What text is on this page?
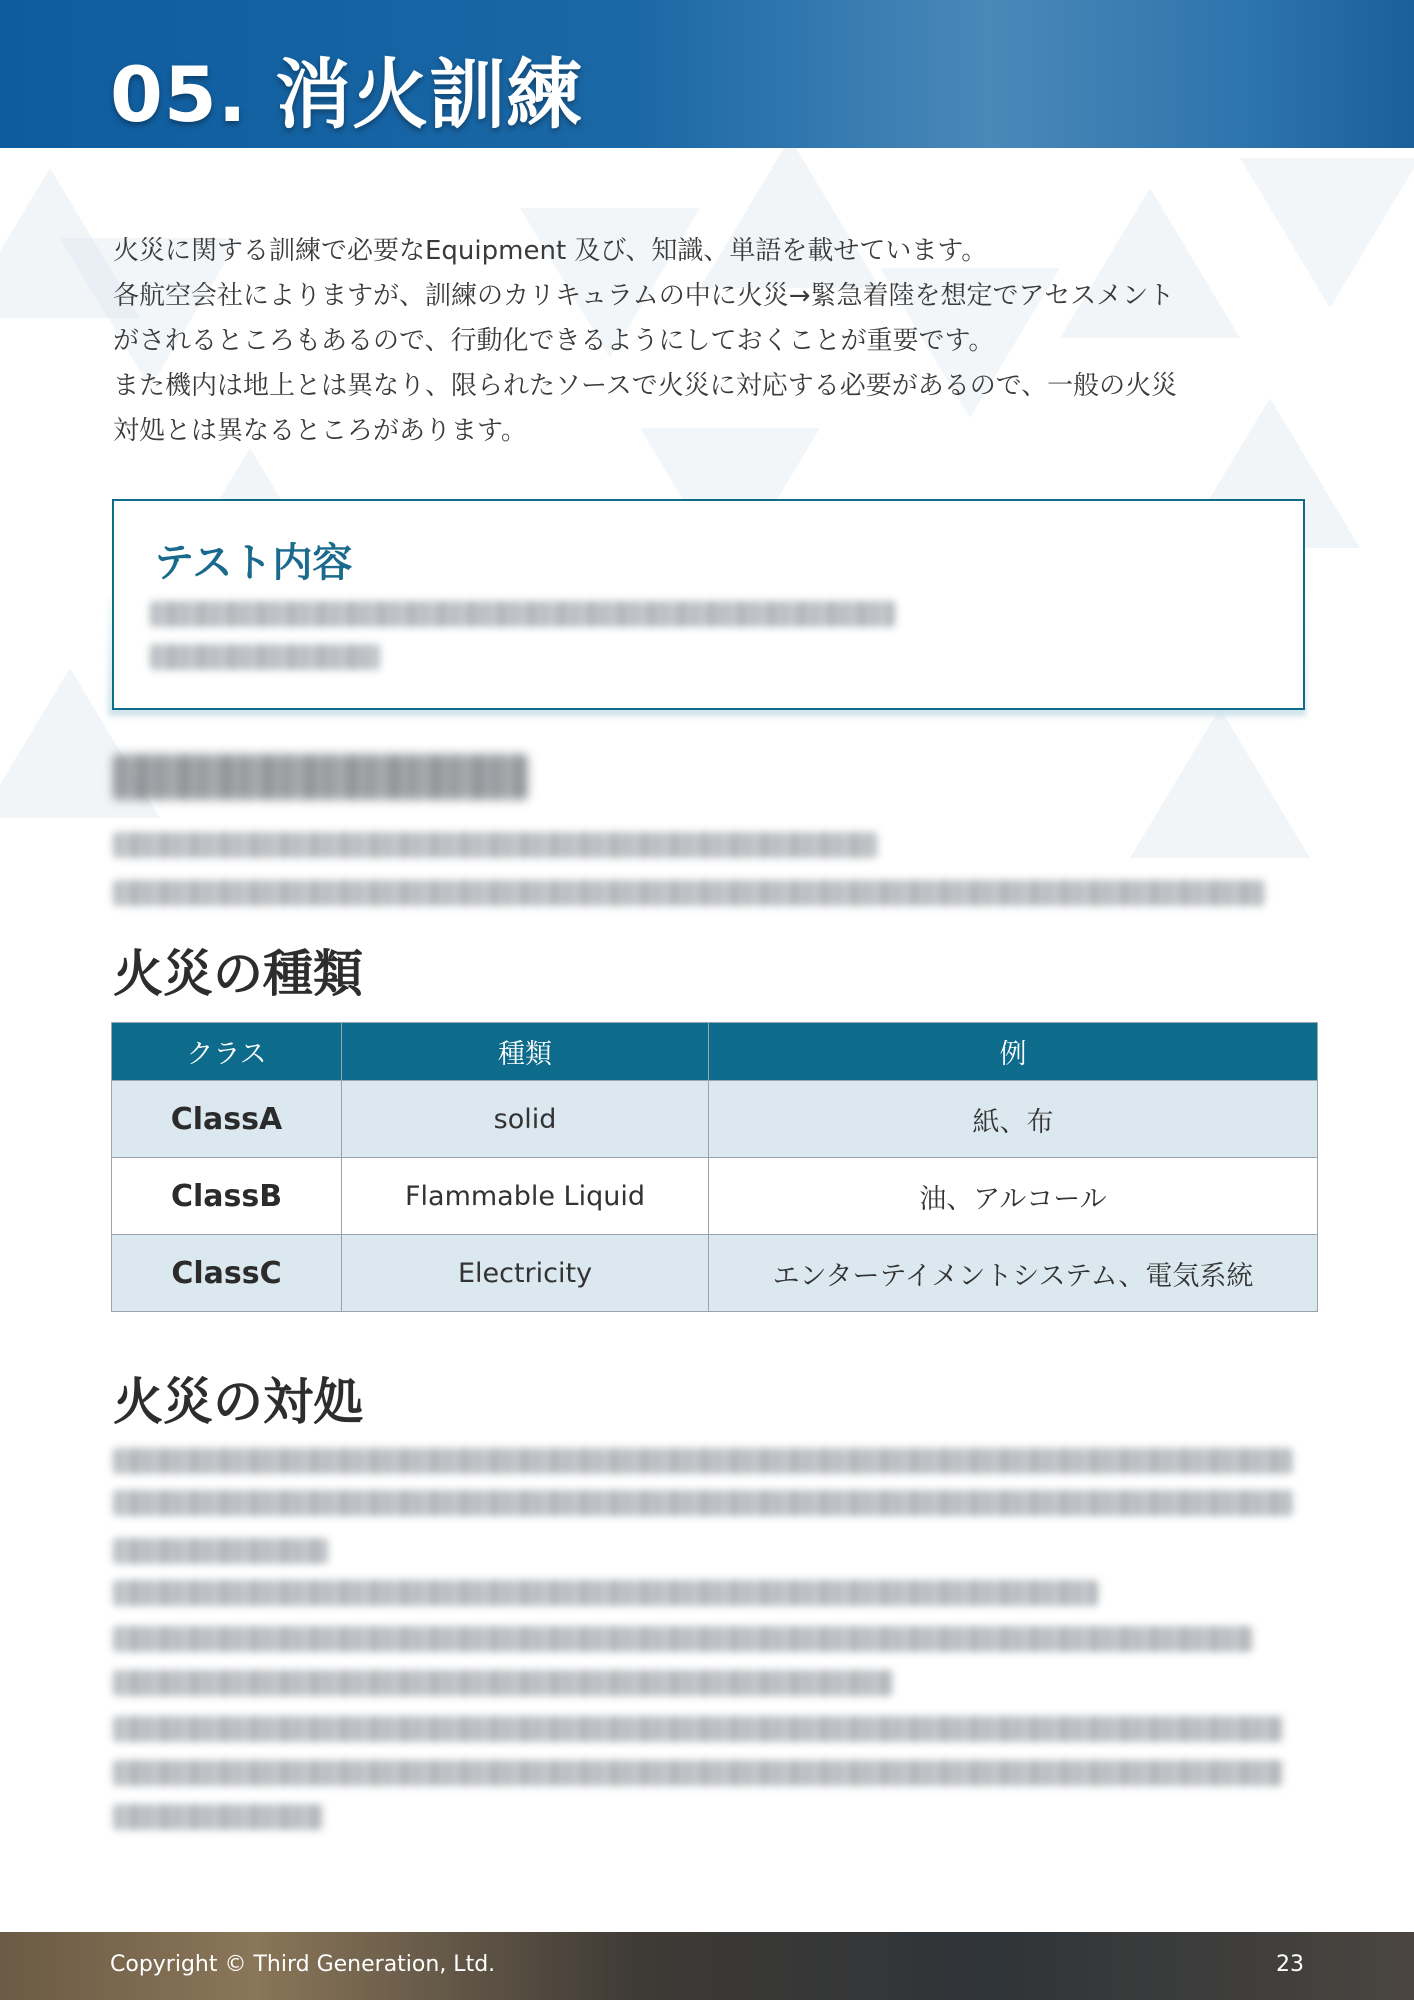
05. 消火訓練

火災に関する訓練で必要なEquipment 及び、知識、単語を載せています。

各航空会社によりますが、訓練のカリキュラムの中に火災→緊急着陸を想定でアセスメント

がされるところもあるので、行動化できるようにしておくことが重要です。

また機内は地上とは異なり、限られたソースで火災に対応する必要があるので、一般の火災

対処とは異なるところがあります。

テスト内容
火災の種類
クラス	種類	例
ClassA	solid	紙、布
ClassB	Flammable Liquid	油、アルコール
ClassC	Electricity	エンターテイメントシステム、電気系統
火災の対処
Copyright © Third Generation, Ltd.	23
